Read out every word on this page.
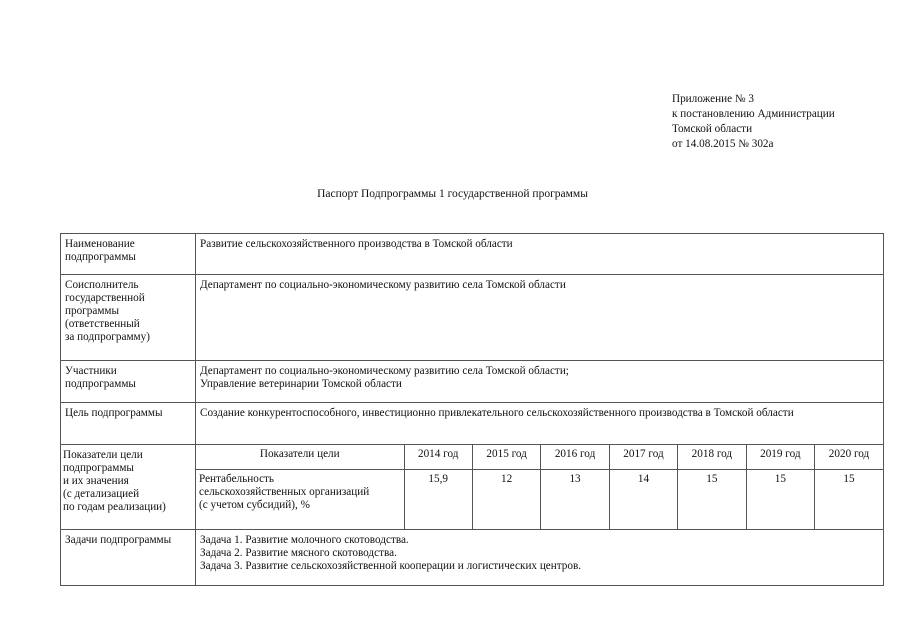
Приложение № 3
к постановлению Администрации
Томской области
от 14.08.2015 № 302а
Паспорт Подпрограммы 1 государственной программы
Наименование
подпрограммы
	Развитие сельскохозяйственного производства в Томской области

Соисполнитель
государственной
программы
(ответственный
за подпрограмму)
	Департамент по социально-экономическому развитию села Томской области

Участники
подпрограммы

Департамент по социально-экономическому развитию села Томской области;
Управление ветеринарии Томской области

Цель подпрограммы	Создание конкурентоспособного, инвестиционно привлекательного сельскохозяйственного производства в Томской области

Показатели цели
подпрограммы
и их значения
(с детализацией
по годам реализации)

Показатели цели	2014 год	2015 год	2016 год	2017 год	2018 год	2019 год	2020 год

Рентабельность
сельскохозяйственных организаций
(с учетом субсидий), %
	15,9	12	13	14	15	15	15

Задачи подпрограммы	Задача 1. Развитие молочного скотоводства.
Задача 2. Развитие мясного скотоводства.
Задача 3. Развитие сельскохозяйственной кооперации и логистических центров.
